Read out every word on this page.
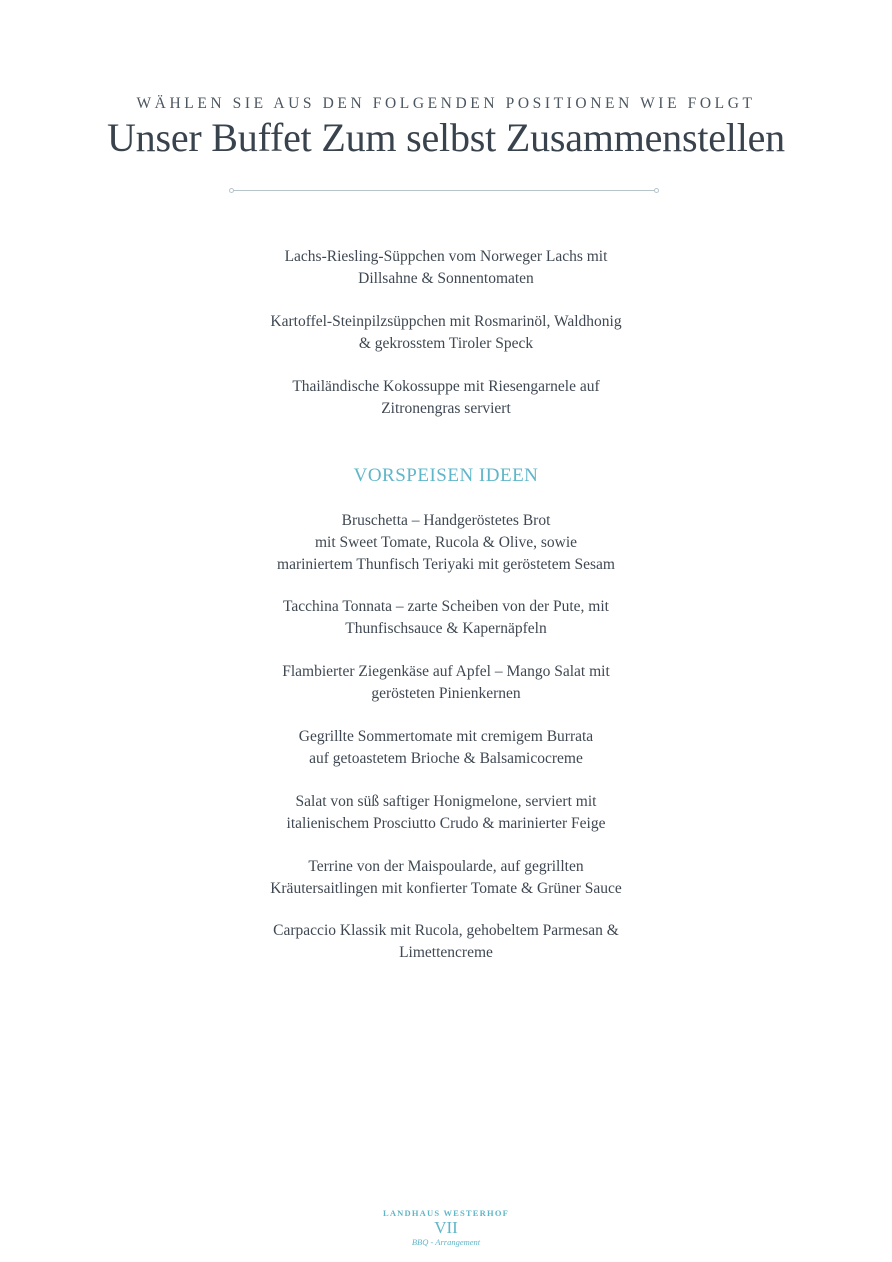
WÄHLEN SIE AUS DEN FOLGENDEN POSITIONEN WIE FOLGT
Unser Buffet Zum selbst Zusammenstellen

Lachs-Riesling-Süppchen vom Norweger Lachs mit
Dillsahne & Sonnentomaten

Kartoffel-Steinpilzsüppchen mit Rosmarinöl, Waldhonig
& gekrosstem Tiroler Speck

Thailändische Kokossuppe mit Riesengarnele auf
Zitronengras serviert

VORSPEISEN IDEEN

Bruschetta – Handgeröstetes Brot
mit Sweet Tomate, Rucola & Olive, sowie
mariniertem Thunfisch Teriyaki mit geröstetem Sesam

Tacchina Tonnata – zarte Scheiben von der Pute, mit
Thunfischsauce & Kapernäpfeln

Flambierter Ziegenkäse auf Apfel – Mango Salat mit
gerösteten Pinienkernen

Gegrillte Sommertomate mit cremigem Burrata
auf getoastetem Brioche & Balsamicocreme

Salat von süß saftiger Honigmelone, serviert mit
italienischem Prosciutto Crudo & marinierter Feige

Terrine von der Maispoularde, auf gegrillten
Kräutersaitlingen mit konfierter Tomate & Grüner Sauce

Carpaccio Klassik mit Rucola, gehobeltem Parmesan &
Limettencreme

LANDHAUS WESTERHOF
VII
BBQ - Arrangement
